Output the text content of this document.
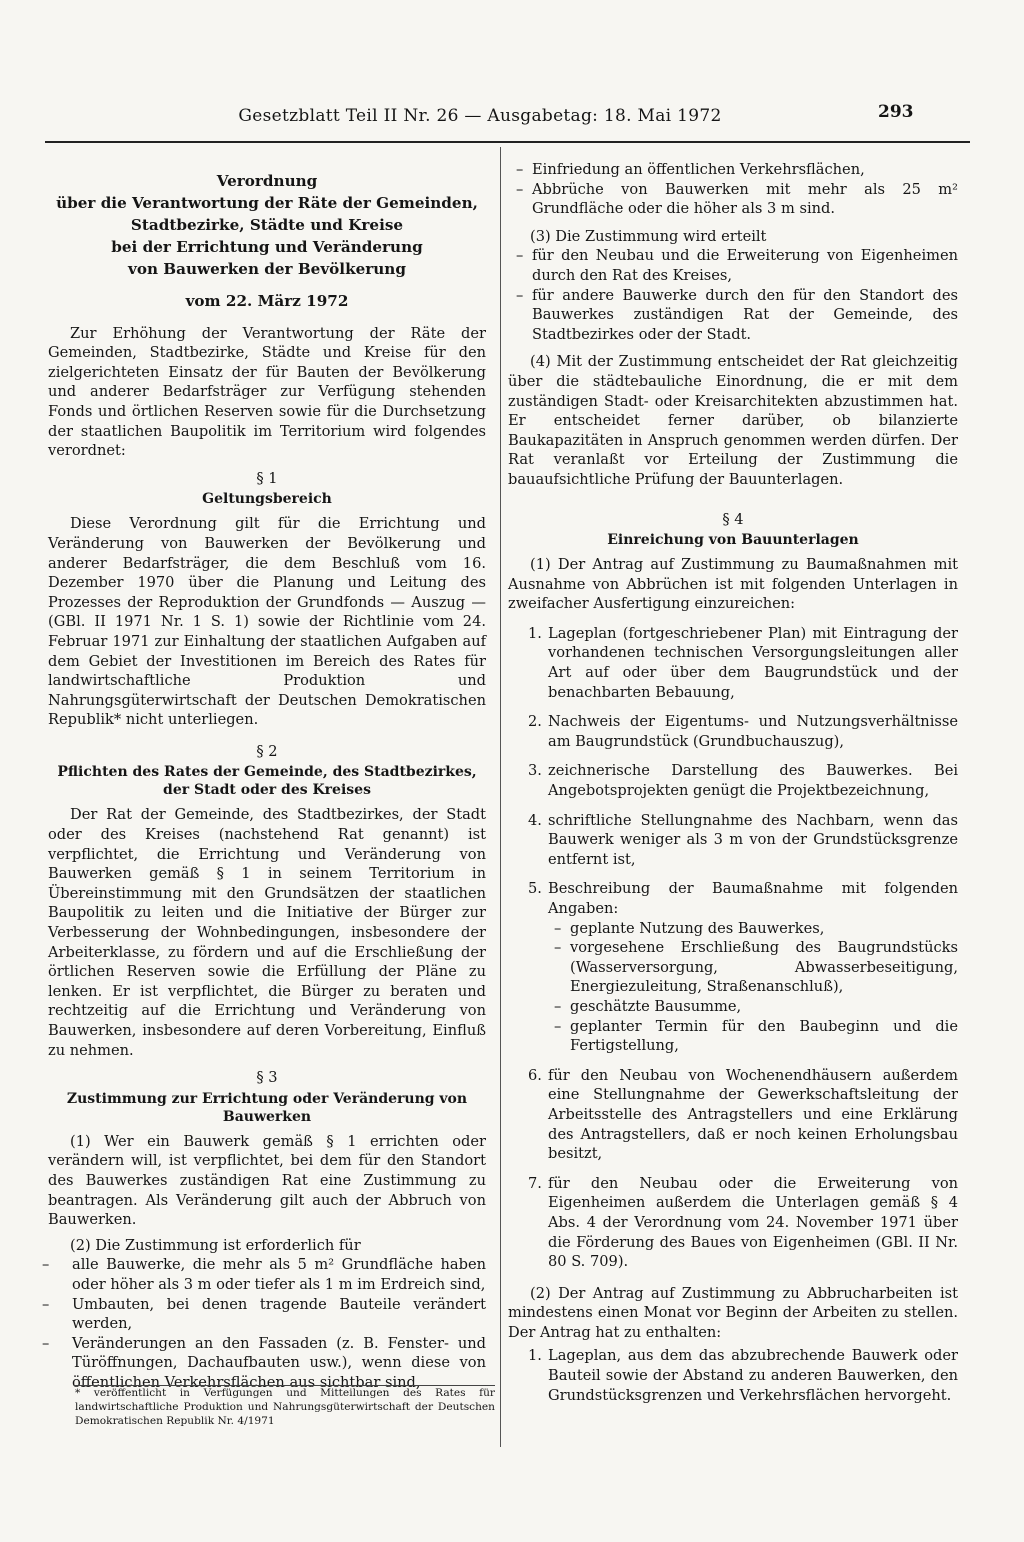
Gesetzblatt Teil II Nr. 26 — Ausgabetag: 18. Mai 1972	293
Verordnung
über die Verantwortung der Räte der Gemeinden,
Stadtbezirke, Städte und Kreise
bei der Errichtung und Veränderung
von Bauwerken der Bevölkerung
vom 22. März 1972

Zur Erhöhung der Verantwortung der Räte der Gemeinden, Stadtbezirke, Städte und Kreise für den zielgerichteten Einsatz der für Bauten der Bevölkerung und anderer Bedarfsträger zur Verfügung stehenden Fonds und örtlichen Reserven sowie für die Durchsetzung der staatlichen Baupolitik im Territorium wird folgendes verordnet:

§ 1
Geltungsbereich

Diese Verordnung gilt für die Errichtung und Veränderung von Bauwerken der Bevölkerung und anderer Bedarfsträger, die dem Beschluß vom 16. Dezember 1970 über die Planung und Leitung des Prozesses der Reproduktion der Grundfonds — Auszug — (GBl. II 1971 Nr. 1 S. 1) sowie der Richtlinie vom 24. Februar 1971 zur Einhaltung der staatlichen Aufgaben auf dem Gebiet der Investitionen im Bereich des Rates für landwirtschaftliche Produktion und Nahrungsgüterwirtschaft der Deutschen Demokratischen Republik* nicht unterliegen.

§ 2
Pflichten des Rates der Gemeinde, des Stadtbezirkes, der Stadt oder des Kreises

Der Rat der Gemeinde, des Stadtbezirkes, der Stadt oder des Kreises (nachstehend Rat genannt) ist verpflichtet, die Errichtung und Veränderung von Bauwerken gemäß § 1 in seinem Territorium in Übereinstimmung mit den Grundsätzen der staatlichen Baupolitik zu leiten und die Initiative der Bürger zur Verbesserung der Wohnbedingungen, insbesondere der Arbeiterklasse, zu fördern und auf die Erschließung der örtlichen Reserven sowie die Erfüllung der Pläne zu lenken. Er ist verpflichtet, die Bürger zu beraten und rechtzeitig auf die Errichtung und Veränderung von Bauwerken, insbesondere auf deren Vorbereitung, Einfluß zu nehmen.

§ 3
Zustimmung zur Errichtung oder Veränderung von Bauwerken

(1) Wer ein Bauwerk gemäß § 1 errichten oder verändern will, ist verpflichtet, bei dem für den Standort des Bauwerkes zuständigen Rat eine Zustimmung zu beantragen. Als Veränderung gilt auch der Abbruch von Bauwerken.

(2) Die Zustimmung ist erforderlich für

– alle Bauwerke, die mehr als 5 m² Grundfläche haben oder höher als 3 m oder tiefer als 1 m im Erdreich sind,
– Umbauten, bei denen tragende Bauteile verändert werden,
– Veränderungen an den Fassaden (z. B. Fenster- und Türöffnungen, Dachaufbauten usw.), wenn diese von öffentlichen Verkehrsflächen aus sichtbar sind,
* veröffentlicht in Verfügungen und Mitteilungen des Rates für landwirtschaftliche Produktion und Nahrungsgüterwirtschaft der Deutschen Demokratischen Republik Nr. 4/1971
– Einfriedung an öffentlichen Verkehrsflächen,
– Abbrüche von Bauwerken mit mehr als 25 m² Grundfläche oder die höher als 3 m sind.

(3) Die Zustimmung wird erteilt

– für den Neubau und die Erweiterung von Eigenheimen durch den Rat des Kreises,
– für andere Bauwerke durch den für den Standort des Bauwerkes zuständigen Rat der Gemeinde, des Stadtbezirkes oder der Stadt.

(4) Mit der Zustimmung entscheidet der Rat gleichzeitig über die städtebauliche Einordnung, die er mit dem zuständigen Stadt- oder Kreisarchitekten abzustimmen hat. Er entscheidet ferner darüber, ob bilanzierte Baukapazitäten in Anspruch genommen werden dürfen. Der Rat veranlaßt vor Erteilung der Zustimmung die bauaufsichtliche Prüfung der Bauunterlagen.

§ 4
Einreichung von Bauunterlagen

(1) Der Antrag auf Zustimmung zu Baumaßnahmen mit Ausnahme von Abbrüchen ist mit folgenden Unterlagen in zweifacher Ausfertigung einzureichen:

1. Lageplan (fortgeschriebener Plan) mit Eintragung der vorhandenen technischen Versorgungsleitungen aller Art auf oder über dem Baugrundstück und der benachbarten Bebauung,
2. Nachweis der Eigentums- und Nutzungsverhältnisse am Baugrundstück (Grundbuchauszug),
3. zeichnerische Darstellung des Bauwerkes. Bei Angebotsprojekten genügt die Projektbezeichnung,
4. schriftliche Stellungnahme des Nachbarn, wenn das Bauwerk weniger als 3 m von der Grundstücksgrenze entfernt ist,
5. Beschreibung der Baumaßnahme mit folgenden Angaben:
– geplante Nutzung des Bauwerkes,
– vorgesehene Erschließung des Baugrundstücks (Wasserversorgung, Abwasserbeseitigung, Energiezuleitung, Straßenanschluß),
– geschätzte Bausumme,
– geplanter Termin für den Baubeginn und die Fertigstellung,
6. für den Neubau von Wochenendhäusern außerdem eine Stellungnahme der Gewerkschaftsleitung der Arbeitsstelle des Antragstellers und eine Erklärung des Antragstellers, daß er noch keinen Erholungsbau besitzt,
7. für den Neubau oder die Erweiterung von Eigenheimen außerdem die Unterlagen gemäß § 4 Abs. 4 der Verordnung vom 24. November 1971 über die Förderung des Baues von Eigenheimen (GBl. II Nr. 80 S. 709).

(2) Der Antrag auf Zustimmung zu Abbrucharbeiten ist mindestens einen Monat vor Beginn der Arbeiten zu stellen. Der Antrag hat zu enthalten:

1. Lageplan, aus dem das abzubrechende Bauwerk oder Bauteil sowie der Abstand zu anderen Bauwerken, den Grundstücksgrenzen und Verkehrsflächen hervorgeht.
